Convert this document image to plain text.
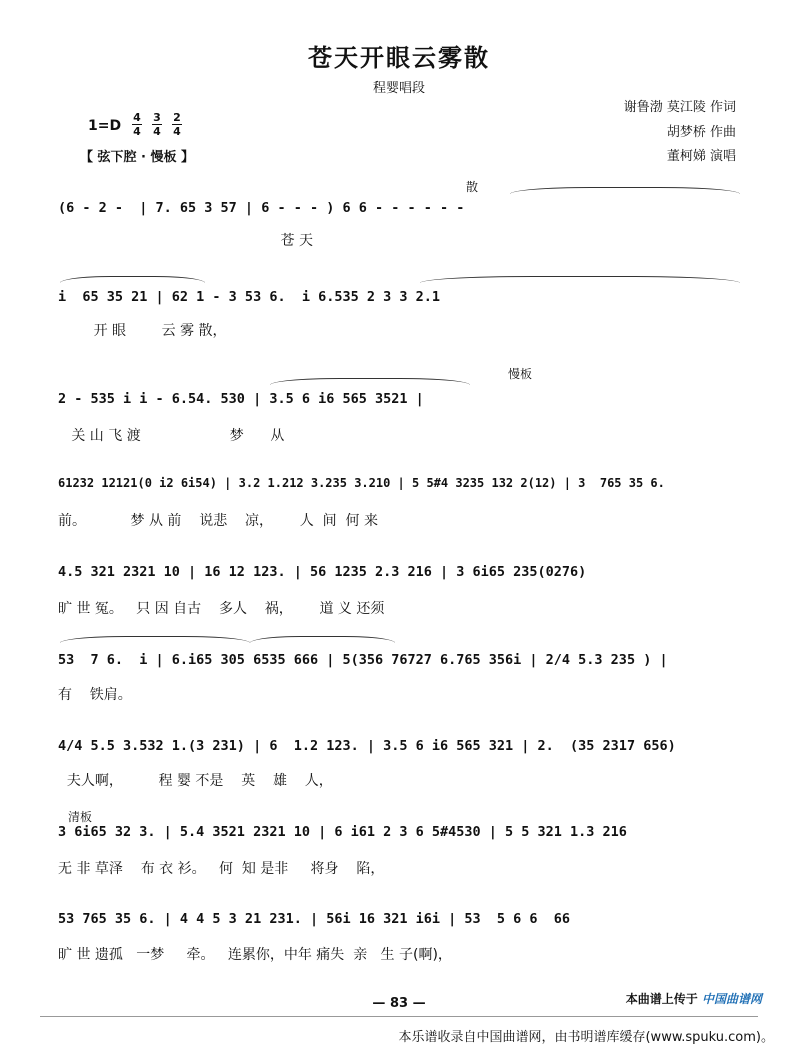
苍天开眼云雾散
程婴唱段
谢鲁渤 莫江陵 作词
胡梦桥 作曲
董柯娣 演唱
1=D
4
4
3
4
2
4
【 弦下腔 · 慢板 】
散
慢板
清板
(6 - 2 -  | 7. 65 3 57 | 6 - - - ) 6 6 - - - - - -
苍 天
i  65 35 21 | 62 1 - 3 53 6.  i 6.535 2 3 3 2.1
开 眼        云 雾 散，
2 - 535 i i - 6.54. 530 | 3.5 6 i6 565 3521 |
关 山 飞 渡                    梦      从
61232 12121(0 i2 6i54) | 3.2 1.212 3.235 3.210 | 5 5#4 3235 132 2(12) | 3  765 35 6.
前。          梦 从 前    说悲    凉，      人  间  何 来
4.5 321 2321 10 | 16 12 123. | 56 1235 2.3 216 | 3 6i65 235(0276)
旷 世 冤。   只 因 自古    多人    祸，      道 义 还须
53  7 6.  i | 6.i65 305 6535 666 | 5(356 76727 6.765 356i | 2/4 5.3 235 ) |
有    铁肩。
4/4 5.5 3.532 1.(3 231) | 6  1.2 123. | 3.5 6 i6 565 321 | 2.  (35 2317 656)
夫人啊，        程 婴 不是    英    雄    人，
3 6i65 32 3. | 5.4 3521 2321 10 | 6 i61 2 3 6 5#4530 | 5 5 321 1.3 216
无 非 草泽    布 衣 衫。   何  知 是非     将身    陷，
53 765 35 6. | 4 4 5 3 21 231. | 56i 16 321 i6i | 53  5 6 6  66
旷 世 遗孤   一梦     牵。   连累你，中年 痛失  亲   生 子(啊)，
— 83 —	本曲谱上传于 中国曲谱网
本乐谱收录自中国曲谱网，由书明谱库缓存(www.spuku.com)。
